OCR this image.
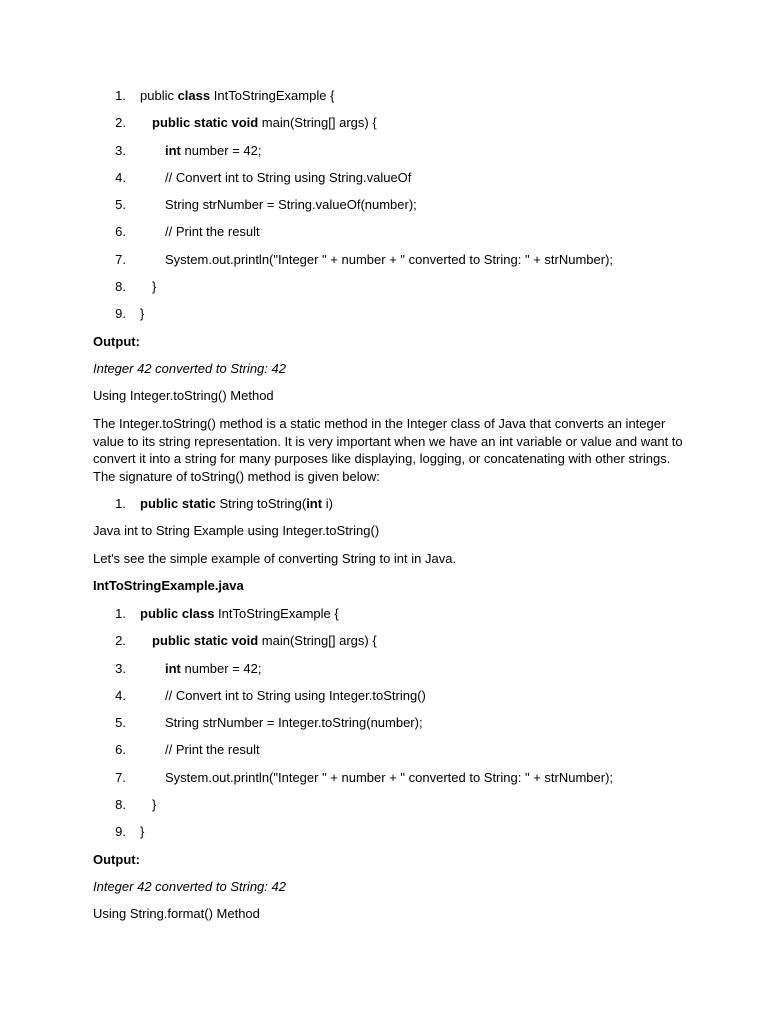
1. public class IntToStringExample {
2. public static void main(String[] args) {
3.	int number = 42;
4.	// Convert int to String using String.valueOf
5.	String strNumber = String.valueOf(number);
6.	// Print the result
7.	System.out.println("Integer " + number + " converted to String: " + strNumber);
8. }
9. }

Output:

Integer 42 converted to String: 42

Using Integer.toString() Method

The Integer.toString() method is a static method in the Integer class of Java that converts an integer value to its string representation. It is very important when we have an int variable or value and want to convert it into a string for many purposes like displaying, logging, or concatenating with other strings. The signature of toString() method is given below:

1. public static String toString(int i)

Java int to String Example using Integer.toString()

Let's see the simple example of converting String to int in Java.

IntToStringExample.java

1. public class IntToStringExample {
2. public static void main(String[] args) {
3.	int number = 42;
4.	// Convert int to String using Integer.toString()
5.	String strNumber = Integer.toString(number);
6.	// Print the result
7.	System.out.println("Integer " + number + " converted to String: " + strNumber);
8. }
9. }

Output:

Integer 42 converted to String: 42

Using String.format() Method
